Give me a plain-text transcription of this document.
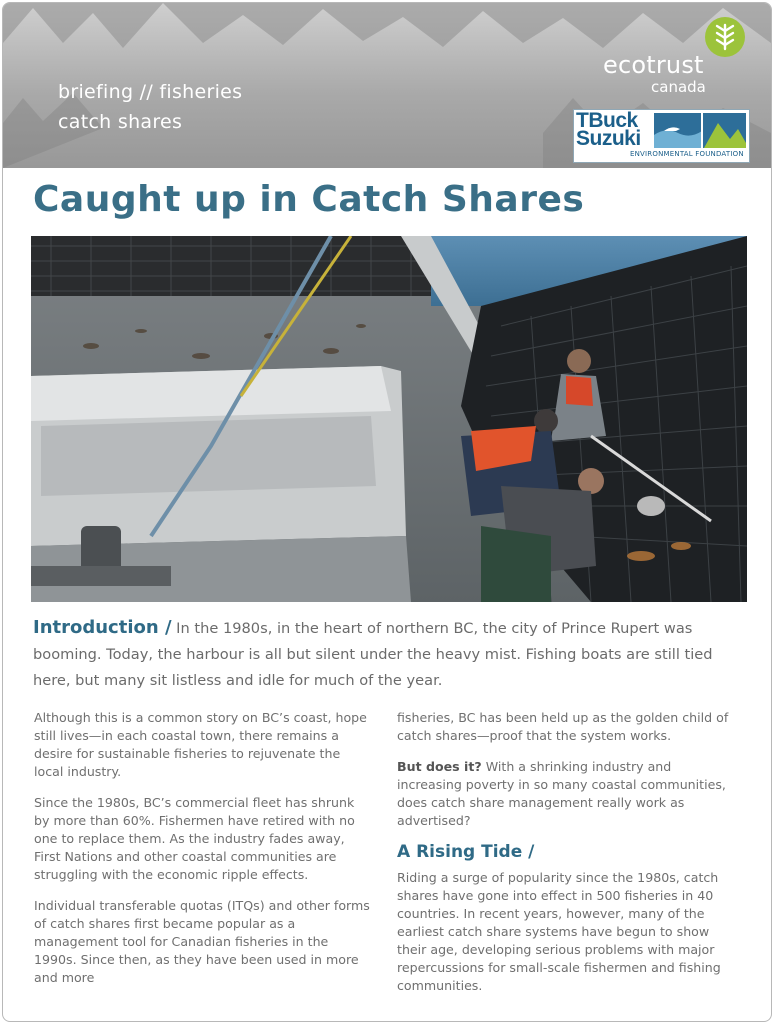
briefing // fisheries
catch shares
ecotrust
canada
TBuck
Suzuki
ENVIRONMENTAL FOUNDATION
Caught up in Catch Shares
Introduction / In the 1980s, in the heart of northern BC, the city of Prince Rupert was booming. Today, the harbour is all but silent under the heavy mist. Fishing boats are still tied here, but many sit listless and idle for much of the year.

Although this is a common story on BC’s coast, hope still lives—in each coastal town, there remains a desire for sustainable fisheries to rejuvenate the local industry.

Since the 1980s, BC’s commercial fleet has shrunk by more than 60%. Fishermen have retired with no one to replace them. As the industry fades away, First Nations and other coastal communities are struggling with the economic ripple effects.

Individual transferable quotas (ITQs) and other forms of catch shares first became popular as a management tool for Canadian fisheries in the 1990s. Since then, as they have been used in more and more

fisheries, BC has been held up as the golden child of catch shares—proof that the system works.

But does it? With a shrinking industry and increasing poverty in so many coastal communities, does catch share management really work as advertised?

A Rising Tide /

Riding a surge of popularity since the 1980s, catch shares have gone into effect in 500 fisheries in 40 countries. In recent years, however, many of the earliest catch share systems have begun to show their age, developing serious problems with major repercussions for small-scale fishermen and fishing communities.
